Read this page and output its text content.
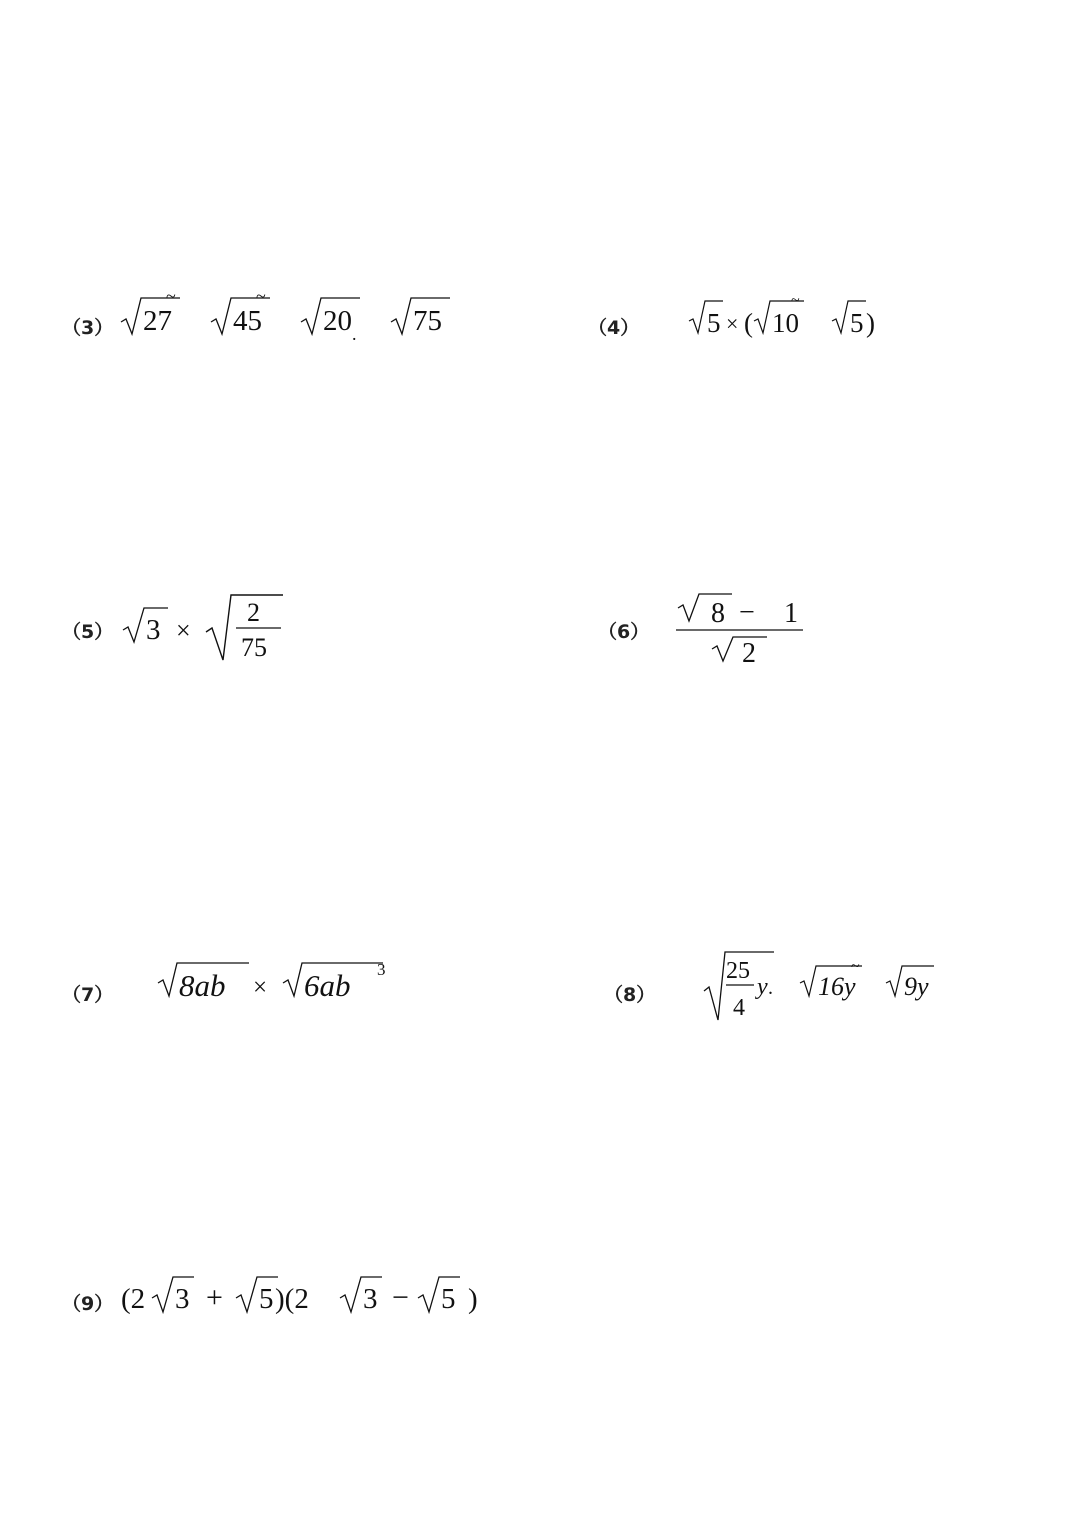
（3） 27
~
45
~
20 . 75	（4）	5 × ( 10
~
5 )
（5） 3 ×
2
75
（6）
8 − 1
2
（7） 8ab × 6ab 3
（8）
25
4
y . 16y
~
9y
（9） (2 3 + 5 )(2 3 − 5 )
